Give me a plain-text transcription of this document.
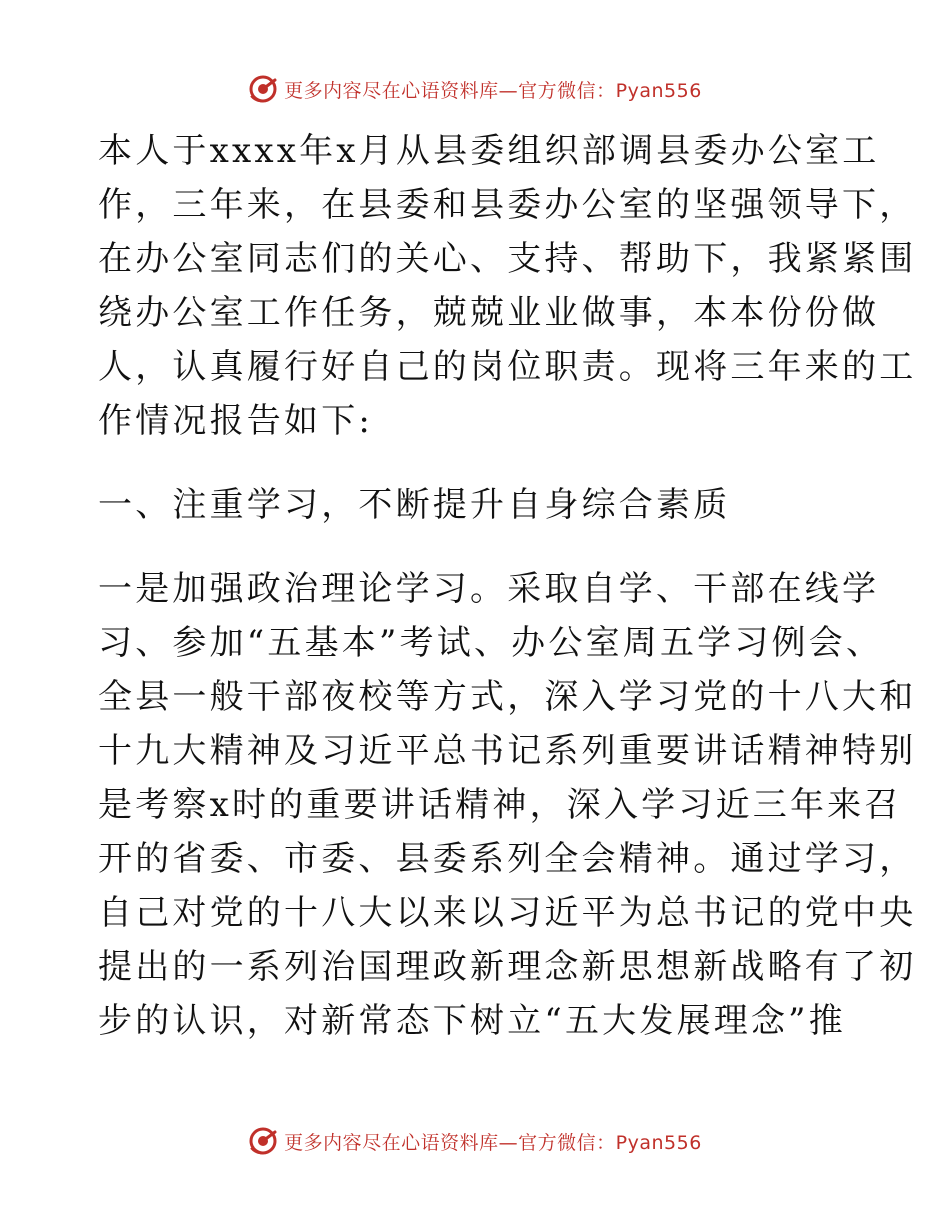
更多内容尽在心语资料库—官方微信：Pyan556
本人于xxxx年x月从县委组织部调县委办公室工
作，三年来，在县委和县委办公室的坚强领导下，
在办公室同志们的关心、支持、帮助下，我紧紧围
绕办公室工作任务，兢兢业业做事，本本份份做
人，认真履行好自己的岗位职责。现将三年来的工
作情况报告如下:
一、注重学习，不断提升自身综合素质
一是加强政治理论学习。采取自学、干部在线学
习、参加“五基本”考试、办公室周五学习例会、
全县一般干部夜校等方式，深入学习党的十八大和
十九大精神及习近平总书记系列重要讲话精神特别
是考察x时的重要讲话精神，深入学习近三年来召
开的省委、市委、县委系列全会精神。通过学习，
自己对党的十八大以来以习近平为总书记的党中央
提出的一系列治国理政新理念新思想新战略有了初
步的认识，对新常态下树立“五大发展理念”推
更多内容尽在心语资料库—官方微信：Pyan556
